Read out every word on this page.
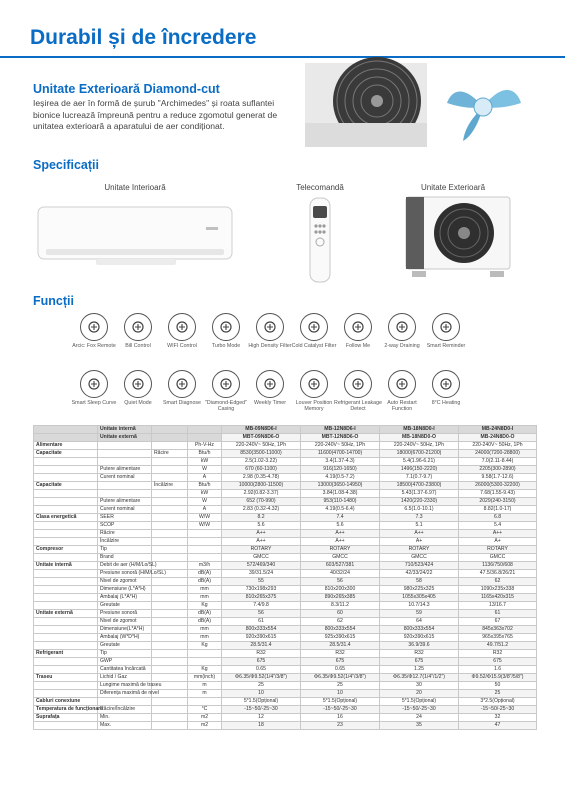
Durabil și de încredere
Unitate Exterioară Diamond-cut
Ieșirea de aer în formă de șurub "Archimedes" și roata suflantei bionice lucrează împreună pentru a reduce zgomotul generat de unitatea exterioară a aparatului de aer condiționat.
Specificații
Unitate Interioară	Telecomandă	Unitate Exterioară
Funcții
Arcic: Fox Remote	Bill Control	WIFI Control	Turbo Mode	High Density Filter Cold Catalyst Filter	Follow Me	2-way Draining	Smart Reminder
Smart Sleep Curve	Quiet Mode	Smart Diagnose "Diamond-Edged" Casing
Weekly Timer	Louver Position Memory
Refrigerant Leakage Detect
Auto Restart Function
8°C Heating
	Unitate internă			MB-09N8D6-I	MB-12N8D6-I	MB-18N8D0-I	MB-24N8D0-I
	Unitate externă			MBT-09N8D6-O	MBT-12N8D6-O	MB-18N8D0-O	MB-24N8D0-O
Alimentare			Ph-V-Hz	220-240V~ 50Hz, 1Ph	220-240V~ 50Hz, 1Ph	220-240V~ 50Hz, 1Ph	220-240V~ 50Hz, 1Ph
Capacitate		Răcire	Btu/h	8530(3500-11000)	11600(4700-14700)	18000(6700-21200)	24000(7200-28800)
			kW	2.5(1.02-3.22)	3.4(1.37-4.3)	5.4(1.96-6.21)	7.0(2.11-8.44)
	Putere alimentare		W	670 (60-1100)	916(120-1650)	1496(150-2220)	2205(300-2890)
	Curent nominal		A	2.98 (0.35-4.78)	4.19(0.5-7.2)	7.1(0.7-9.7)	9.58(1.7-12.6)
Capacitate		Încălzire	Btu/h	10000(2800-11500)	13000(3650-14950)	18500(4700-23800)	26000(5300-32200)
			kW	2.92(0.82-3.37)	3.84(1.08-4.38)	5.43(1.37-6.97)	7.68(1.55-9.43)
	Putere alimentare		W	652 (70-990)	953(110-1480)	1420(220-2330)	2029(240-3150)
	Curent nominal		A	2.83 (0.32-4.32)	4.19(0.5-6.4)	6.5(1.0-10.1)	8.82(1.0-17)
Clasa energetică	SEER		W/W	8.2	7.4	7.3	6.8
	SCOP		W/W	5.6	5.6	5.1	5.4
	Răcire			A++	A++	A++	A++
	Încălzire			A++	A++	A+	A+
Compresor	Tip			ROTARY	ROTARY	ROTARY	ROTARY
	Brand			GMCC	GMCC	GMCC	GMCC
Unitate internă	Debit de aer (H/M/Lo/SL)		m3/h	572/469/340	603/527/381	710/523/424	1136/750/608
	Presiune sonoră (H/M/Lo/SL)		dB(A)	39/31.5/24	40/32/24	42/33/24/22	47.5/36.8/26/21
	Nivel de zgomot		dB(A)	55	56	58	62
	Dimensiune (L*A*H)		mm	730x198x293	810x200x300	980x225x325	1090x235x338
	Ambalaj (L*A*H)		mm	810x265x375	890x265x385	1055x305x405	1165x420x315
	Greutate		Kg	7.4/9.8	8.3/11.2	10.7/14.3	13/16.7
Unitate externă	Presiune sonoră		dB(A)	56	60	59	61
	Nivel de zgomot		dB(A)	61	62	64	67
	Dimensiune(L*A*H)		mm	800x333x554	800x333x554	800x333x554	845x363x702
	Ambalaj (W*D*H)		mm	920x390x615	925x390x615	920x390x615	965x395x765
	Greutate		Kg	28.5/31.4	28.5/31.4	36.9/39.6	49.7/51.2
Refrigerant	Tip			R32	R32	R32	R32
	GWP			675	675	675	675
	Cantitatea încărcată		Kg	0.65	0.65	1.25	1.6
Traseu	Lichid / Gaz		mm(inch)	Φ6.35/Φ9.52(1/4"/3/8")	Φ6.35/Φ9.52(1/4"/3/8")	Φ6.35/Φ12.7(1/4"/1/2")	Φ9.52/Φ15.9(3/8"/5/8")
	Lungime maximă de traseu		m	25	25	30	50
	Diferența maximă de nivel		m	10	10	20	25
Cabluri conexiune				5*1.5(Opțional)	5*1.5(Opțional)	5*1.5(Opțional)	3*2.5(Opțional)
Temperatura de funcționare	Răcire/Încălzire		°C	-15~50/-25~30	-15~50/-25~30	-15~50/-25~30	-15~50/-25~30
Suprafața	Min.		m2	12	16	24	32
	Max.		m2	18	23	35	47
